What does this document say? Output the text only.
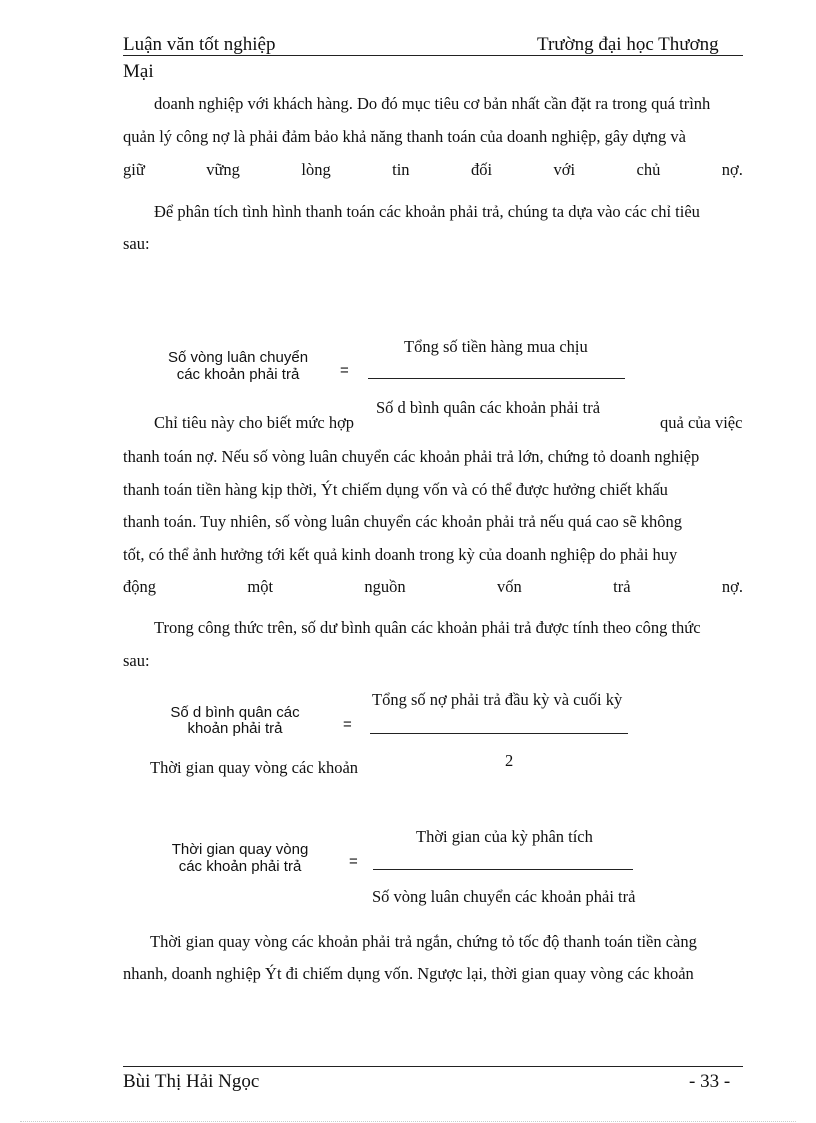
Luận văn tốt nghiệp	Trường đại học Thương
Mại
doanh nghiệp với khách hàng. Do đó mục tiêu cơ bản nhất cần đặt ra trong quá trình
quản lý công nợ là phải đảm bảo khả năng thanh toán của doanh nghiệp, gây dựng và
giữ	vững	lòng	tin	đối	với	chủ	nợ.
Để phân tích tình hình thanh toán các khoản phải trả, chúng ta dựa vào các chỉ tiêu
sau:
Số vòng luân chuyển
các khoản phải trả	=
Tổng số tiền hàng mua chịu
Số d bình quân các khoản phải trả
Chỉ tiêu này cho biết mức hợp	quả của việc
thanh toán nợ. Nếu số vòng luân chuyển các khoản phải trả lớn, chứng tỏ doanh nghiệp
thanh toán tiền hàng kịp thời, Ýt chiếm dụng vốn và có thể được hưởng chiết khấu
thanh toán. Tuy nhiên, số vòng luân chuyển các khoản phải trả nếu quá cao sẽ không
tốt, có thể ảnh hưởng tới kết quả kinh doanh trong kỳ của doanh nghiệp do phải huy
động	một	nguồn	vốn	trả	nợ.
Trong công thức trên, số dư bình quân các khoản phải trả được tính theo công thức
sau:
Số d bình quân các
khoản phải trả	=
Tổng số nợ phải trả đầu kỳ và cuối kỳ
2
Thời gian quay vòng các khoản
Thời gian quay vòng
các khoản phải trả	=
Thời gian của kỳ phân tích
Số vòng luân chuyển các khoản phải trả
Thời gian quay vòng các khoản phải trả ngắn, chứng tỏ tốc độ thanh toán tiền càng
nhanh, doanh nghiệp Ýt đi chiếm dụng vốn. Ngược lại, thời gian quay vòng các khoản
Bùi Thị Hải Ngọc	- 33 -
